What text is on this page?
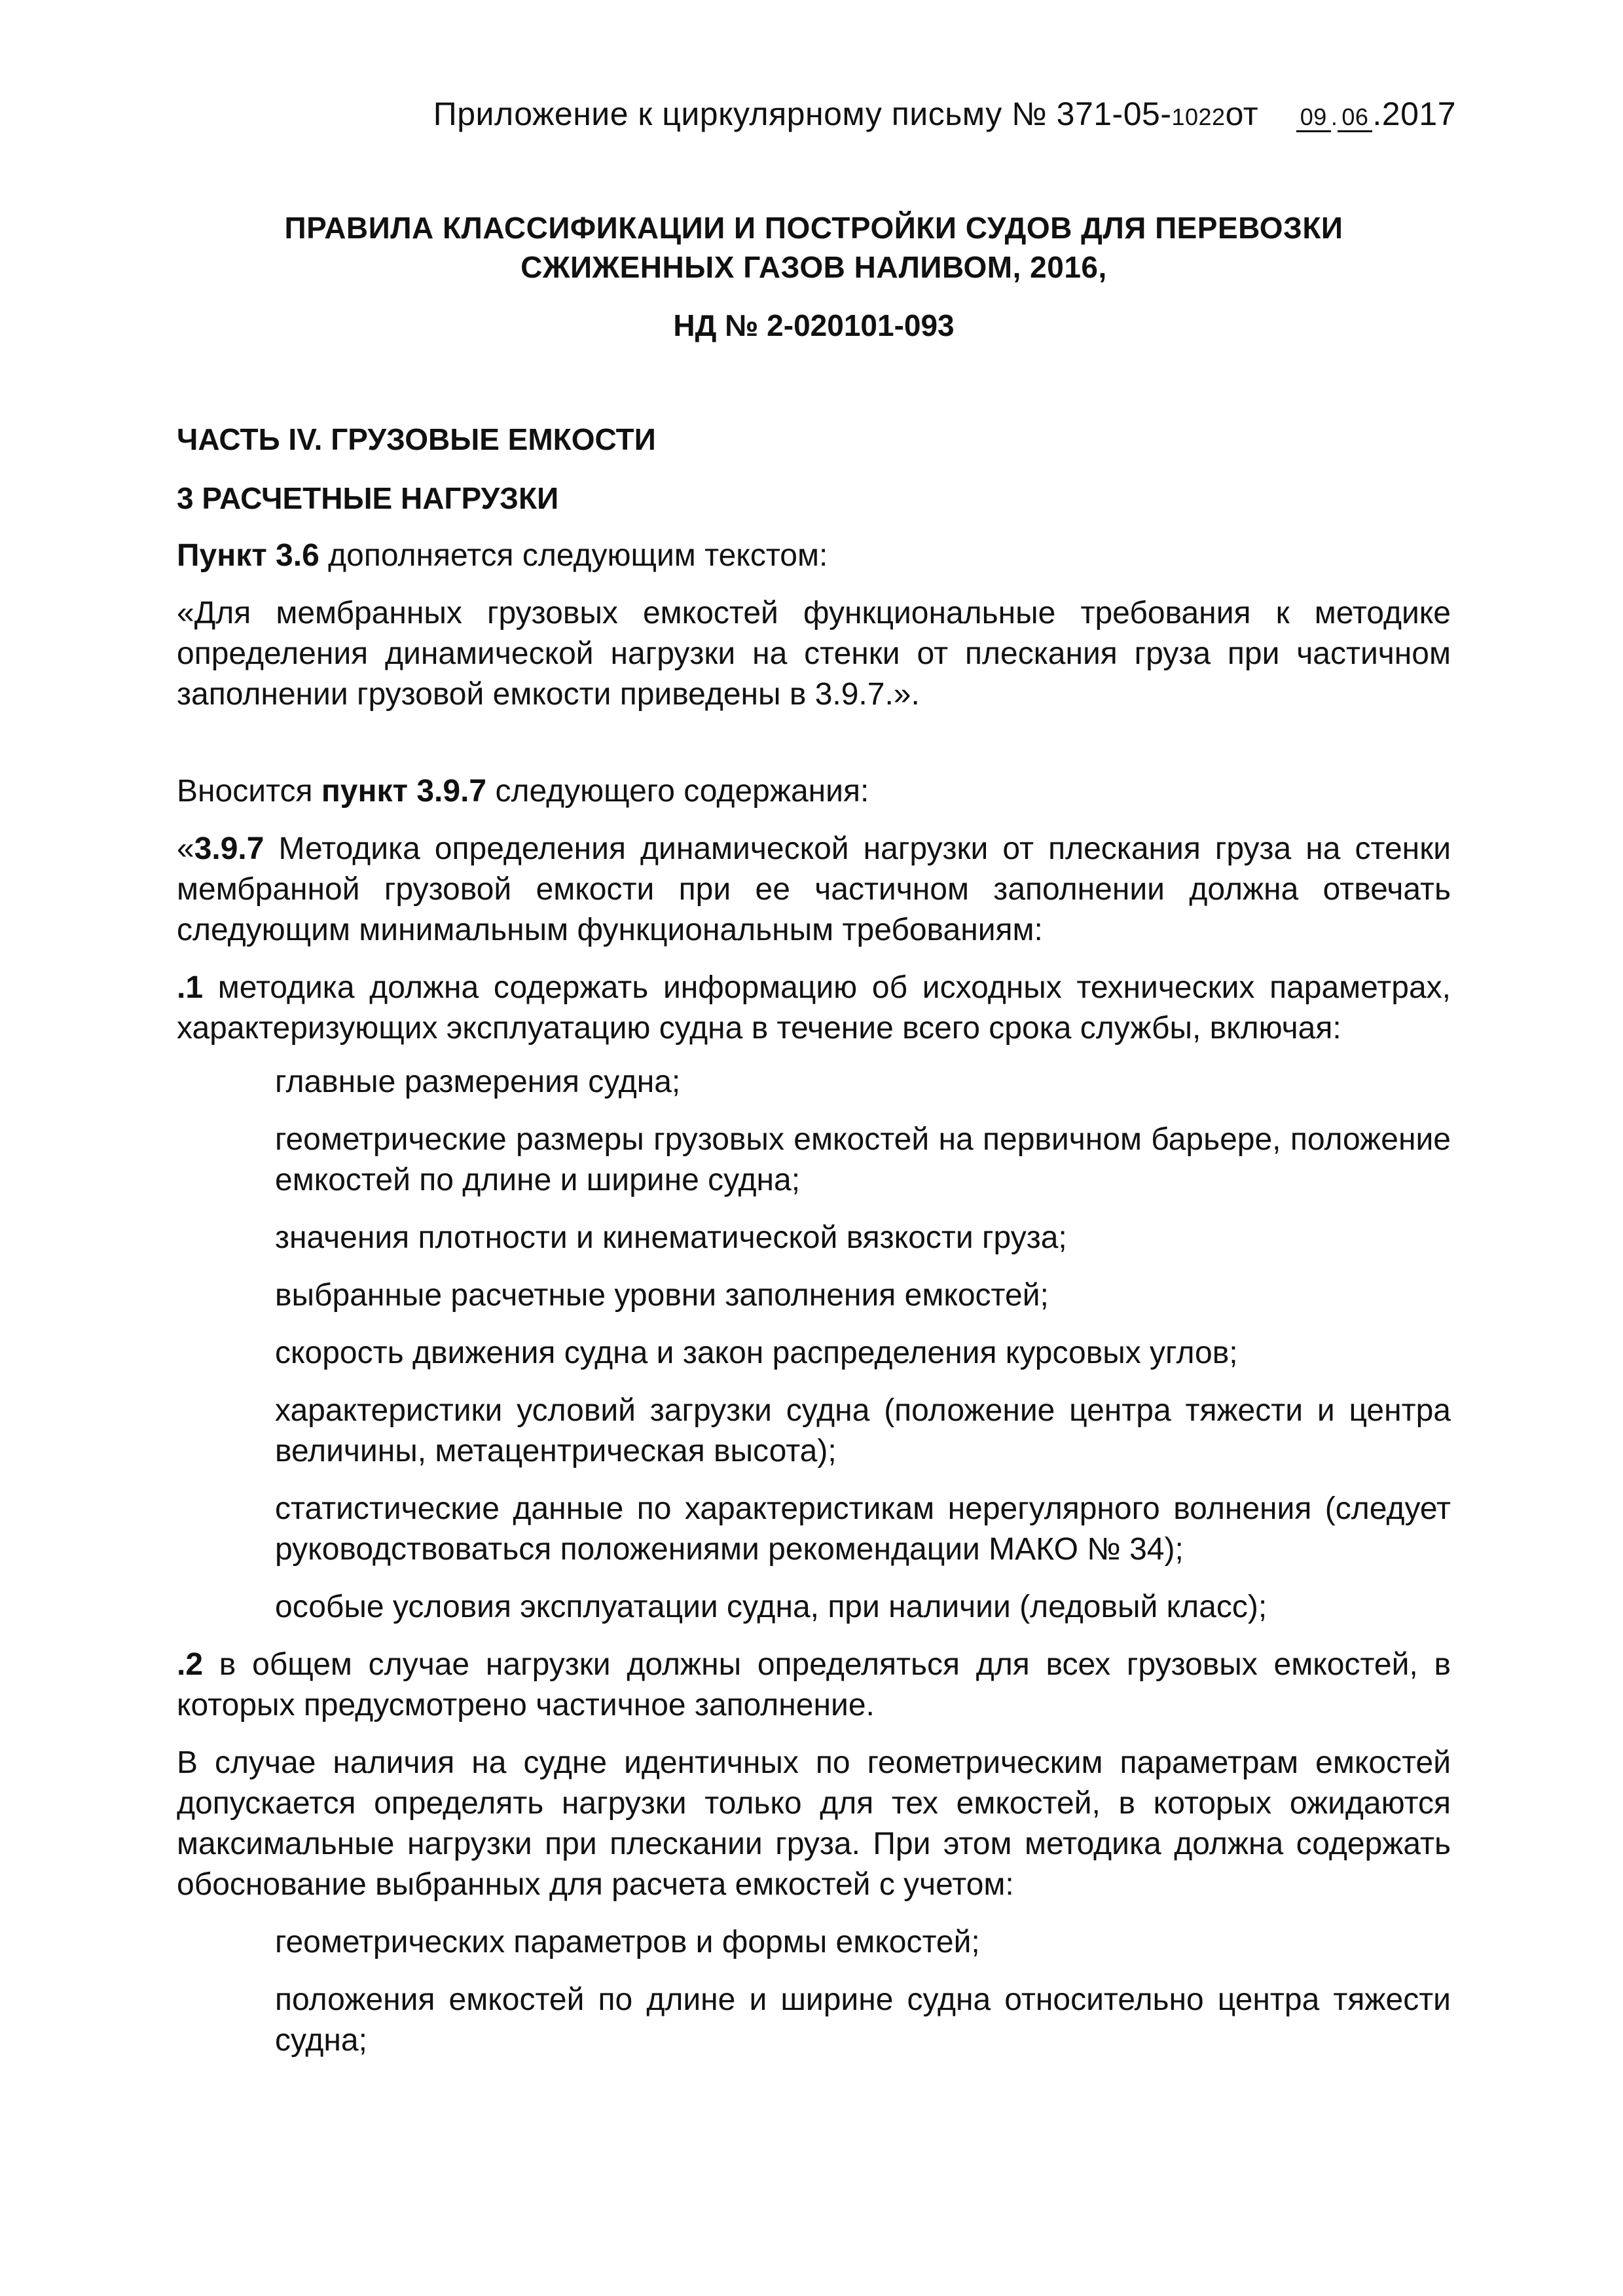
Приложение к циркулярному письму № 371-05-1022от 09 . 06 .2017
ПРАВИЛА КЛАССИФИКАЦИИ И ПОСТРОЙКИ СУДОВ ДЛЯ ПЕРЕВОЗКИ
СЖИЖЕННЫХ ГАЗОВ НАЛИВОМ, 2016,
НД № 2-020101-093

ЧАСТЬ IV. ГРУЗОВЫЕ ЕМКОСТИ

3 РАСЧЕТНЫЕ НАГРУЗКИ

Пункт 3.6 дополняется следующим текстом:

«Для мембранных грузовых емкостей функциональные требования к методике определения динамической нагрузки на стенки от плескания груза при частичном заполнении грузовой емкости приведены в 3.9.7.».

Вносится пункт 3.9.7 следующего содержания:

«3.9.7 Методика определения динамической нагрузки от плескания груза на стенки мембранной грузовой емкости при ее частичном заполнении должна отвечать следующим минимальным функциональным требованиям:

.1 методика должна содержать информацию об исходных технических параметрах, характеризующих эксплуатацию судна в течение всего срока службы, включая:

главные размерения судна;

геометрические размеры грузовых емкостей на первичном барьере, положение емкостей по длине и ширине судна;

значения плотности и кинематической вязкости груза;

выбранные расчетные уровни заполнения емкостей;

скорость движения судна и закон распределения курсовых углов;

характеристики условий загрузки судна (положение центра тяжести и центра величины, метацентрическая высота);

статистические данные по характеристикам нерегулярного волнения (следует руководствоваться положениями рекомендации МАКО № 34);

особые условия эксплуатации судна, при наличии (ледовый класс);

.2 в общем случае нагрузки должны определяться для всех грузовых емкостей, в которых предусмотрено частичное заполнение.

В случае наличия на судне идентичных по геометрическим параметрам емкостей допускается определять нагрузки только для тех емкостей, в которых ожидаются максимальные нагрузки при плескании груза. При этом методика должна содержать обоснование выбранных для расчета емкостей с учетом:

геометрических параметров и формы емкостей;

положения емкостей по длине и ширине судна относительно центра тяжести судна;
